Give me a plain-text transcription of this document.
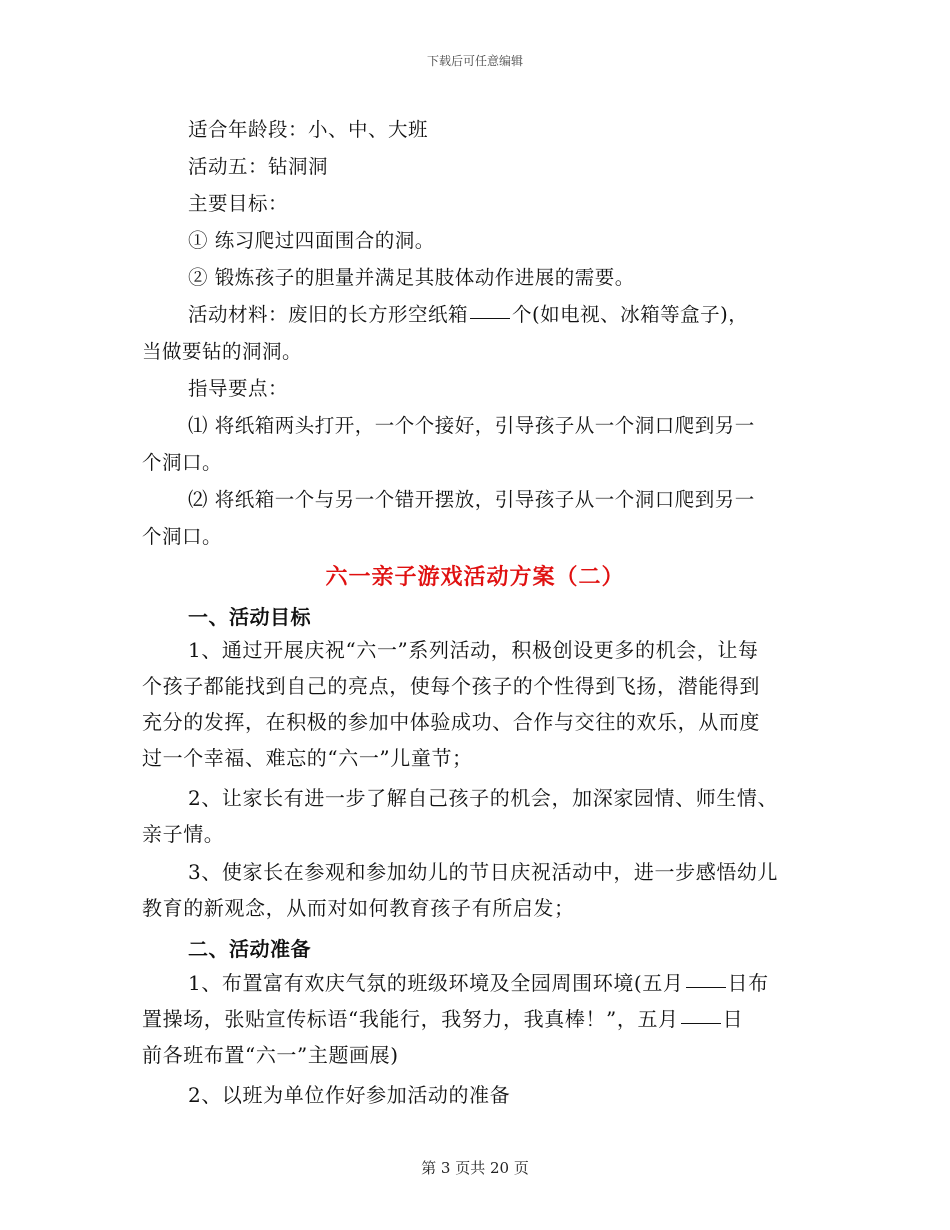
下载后可任意编辑
适合年龄段：小、中、大班
活动五：钻洞洞
主要目标：
① 练习爬过四面围合的洞。
② 锻炼孩子的胆量并满足其肢体动作进展的需要。
活动材料：废旧的长方形空纸箱 个(如电视、冰箱等盒子)，
当做要钻的洞洞。
指导要点：
⑴ 将纸箱两头打开，一个个接好，引导孩子从一个洞口爬到另一
个洞口。
⑵ 将纸箱一个与另一个错开摆放，引导孩子从一个洞口爬到另一
个洞口。
六一亲子游戏活动方案（二）
一、活动目标
1、通过开展庆祝“六一”系列活动，积极创设更多的机会，让每
个孩子都能找到自己的亮点，使每个孩子的个性得到飞扬，潜能得到
充分的发挥，在积极的参加中体验成功、合作与交往的欢乐，从而度
过一个幸福、难忘的“六一”儿童节；
2、让家长有进一步了解自己孩子的机会，加深家园情、师生情、
亲子情。
3、使家长在参观和参加幼儿的节日庆祝活动中，进一步感悟幼儿
教育的新观念，从而对如何教育孩子有所启发；
二、活动准备
1、布置富有欢庆气氛的班级环境及全园周围环境(五月 日布
置操场，张贴宣传标语“我能行，我努力，我真棒！”，五月 日
前各班布置“六一”主题画展)
2、以班为单位作好参加活动的准备
第 3 页共 20 页
